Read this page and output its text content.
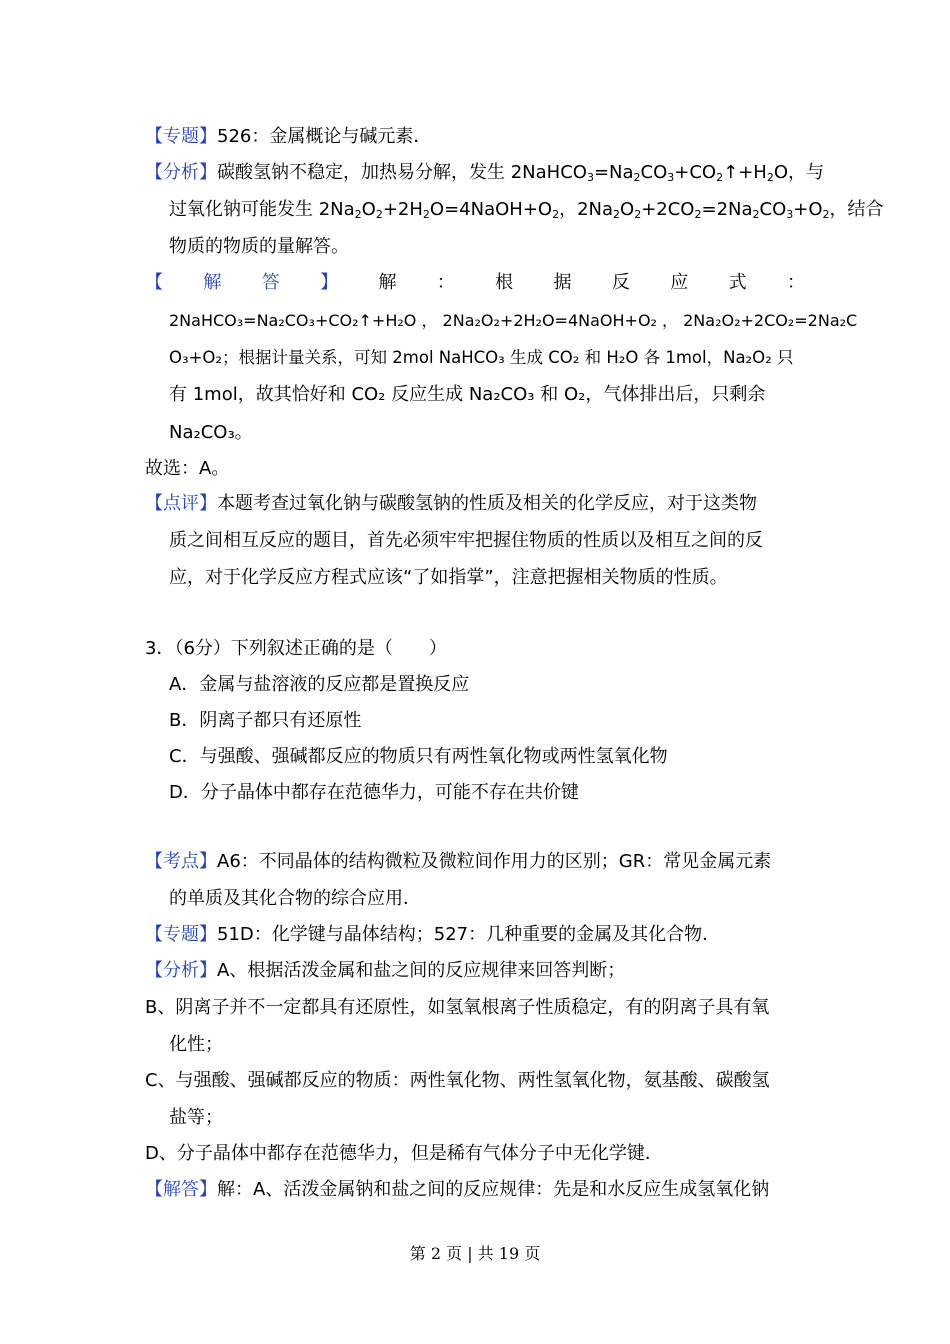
【专题】526：金属概论与碱元素．
【分析】碳酸氢钠不稳定，加热易分解，发生 $2NaHCO_3=Na_2CO_3+CO_2↑+H_2O$，与
过氧化钠可能发生 $2Na_2O_2+2H_2O=4NaOH+O_2$，$2Na_2O_2+2CO_2=2Na_2CO_3+O_2$，结合
物质的物质的量解答。
【 解 答 】 解 ： 根 据 反 应 式 ：
2NaHCO₃=Na₂CO₃+CO₂↑+H₂O ， 2Na₂O₂+2H₂O=4NaOH+O₂ ， 2Na₂O₂+2CO₂=2Na₂C
O₃+O₂；根据计量关系，可知 2mol NaHCO₃ 生成 CO₂ 和 H₂O 各 1mol，Na₂O₂ 只
有 1mol，故其恰好和 CO₂ 反应生成 Na₂CO₃ 和 O₂，气体排出后，只剩余
Na₂CO₃。
故选：A。
【点评】本题考查过氧化钠与碳酸氢钠的性质及相关的化学反应，对于这类物
质之间相互反应的题目，首先必须牢牢把握住物质的性质以及相互之间的反
应，对于化学反应方程式应该“了如指掌”，注意把握相关物质的性质。
3．（6分）下列叙述正确的是（　　）
A．金属与盐溶液的反应都是置换反应
B．阴离子都只有还原性
C．与强酸、强碱都反应的物质只有两性氧化物或两性氢氧化物
D．分子晶体中都存在范德华力，可能不存在共价键
【考点】A6：不同晶体的结构微粒及微粒间作用力的区别；GR：常见金属元素
的单质及其化合物的综合应用．
【专题】51D：化学键与晶体结构；527：几种重要的金属及其化合物．
【分析】A、根据活泼金属和盐之间的反应规律来回答判断；
B、阴离子并不一定都具有还原性，如氢氧根离子性质稳定，有的阴离子具有氧
化性；
C、与强酸、强碱都反应的物质：两性氧化物、两性氢氧化物，氨基酸、碳酸氢
盐等；
D、分子晶体中都存在范德华力，但是稀有气体分子中无化学键．
【解答】解：A、活泼金属钠和盐之间的反应规律：先是和水反应生成氢氧化钠
第 2 页 | 共 19 页
